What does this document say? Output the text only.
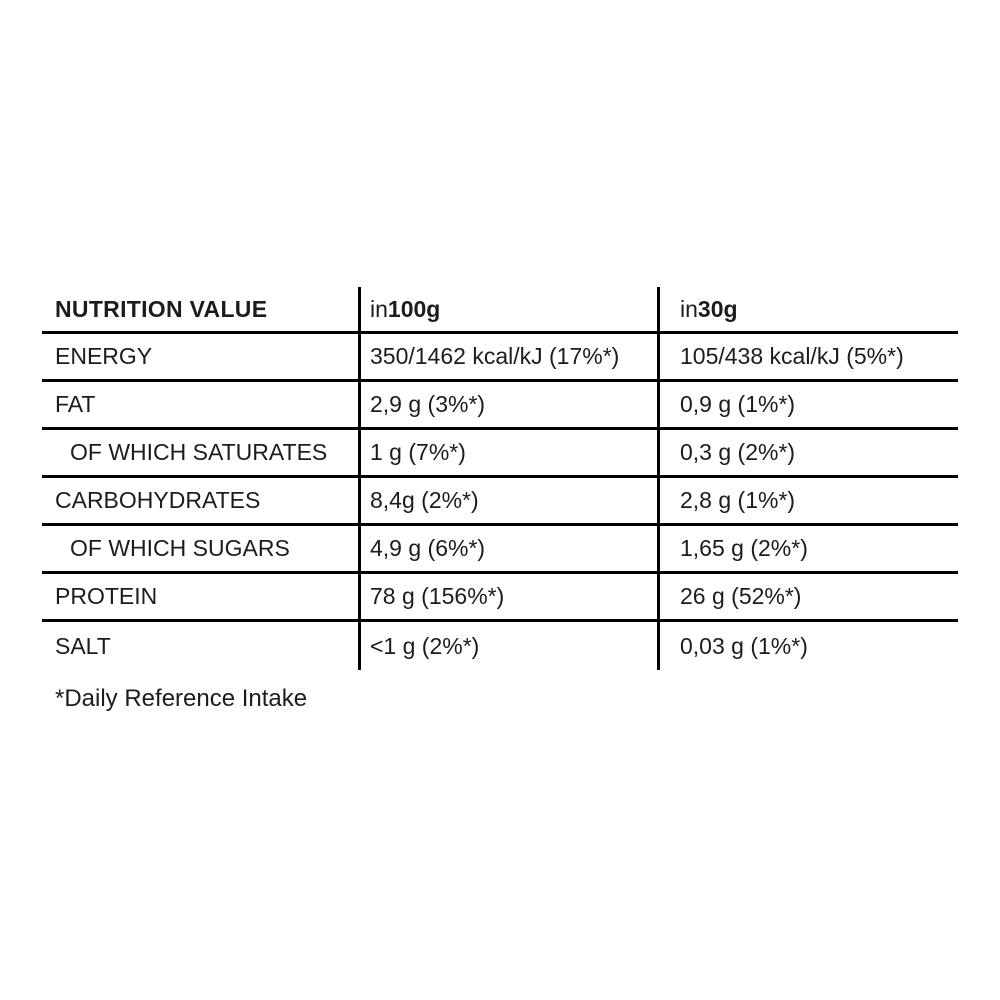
NUTRITION VALUE	in 100g	in 30g
ENERGY	350/1462 kcal/kJ (17%*)	105/438 kcal/kJ (5%*)
FAT	2,9 g (3%*)	0,9 g (1%*)
OF WHICH SATURATES	1 g (7%*)	0,3 g (2%*)
CARBOHYDRATES	8,4g (2%*)	2,8 g (1%*)
OF WHICH SUGARS	4,9 g (6%*)	1,65 g (2%*)
PROTEIN	78 g (156%*)	26 g (52%*)
SALT	<1 g (2%*)	0,03 g (1%*)
*Daily Reference Intake
